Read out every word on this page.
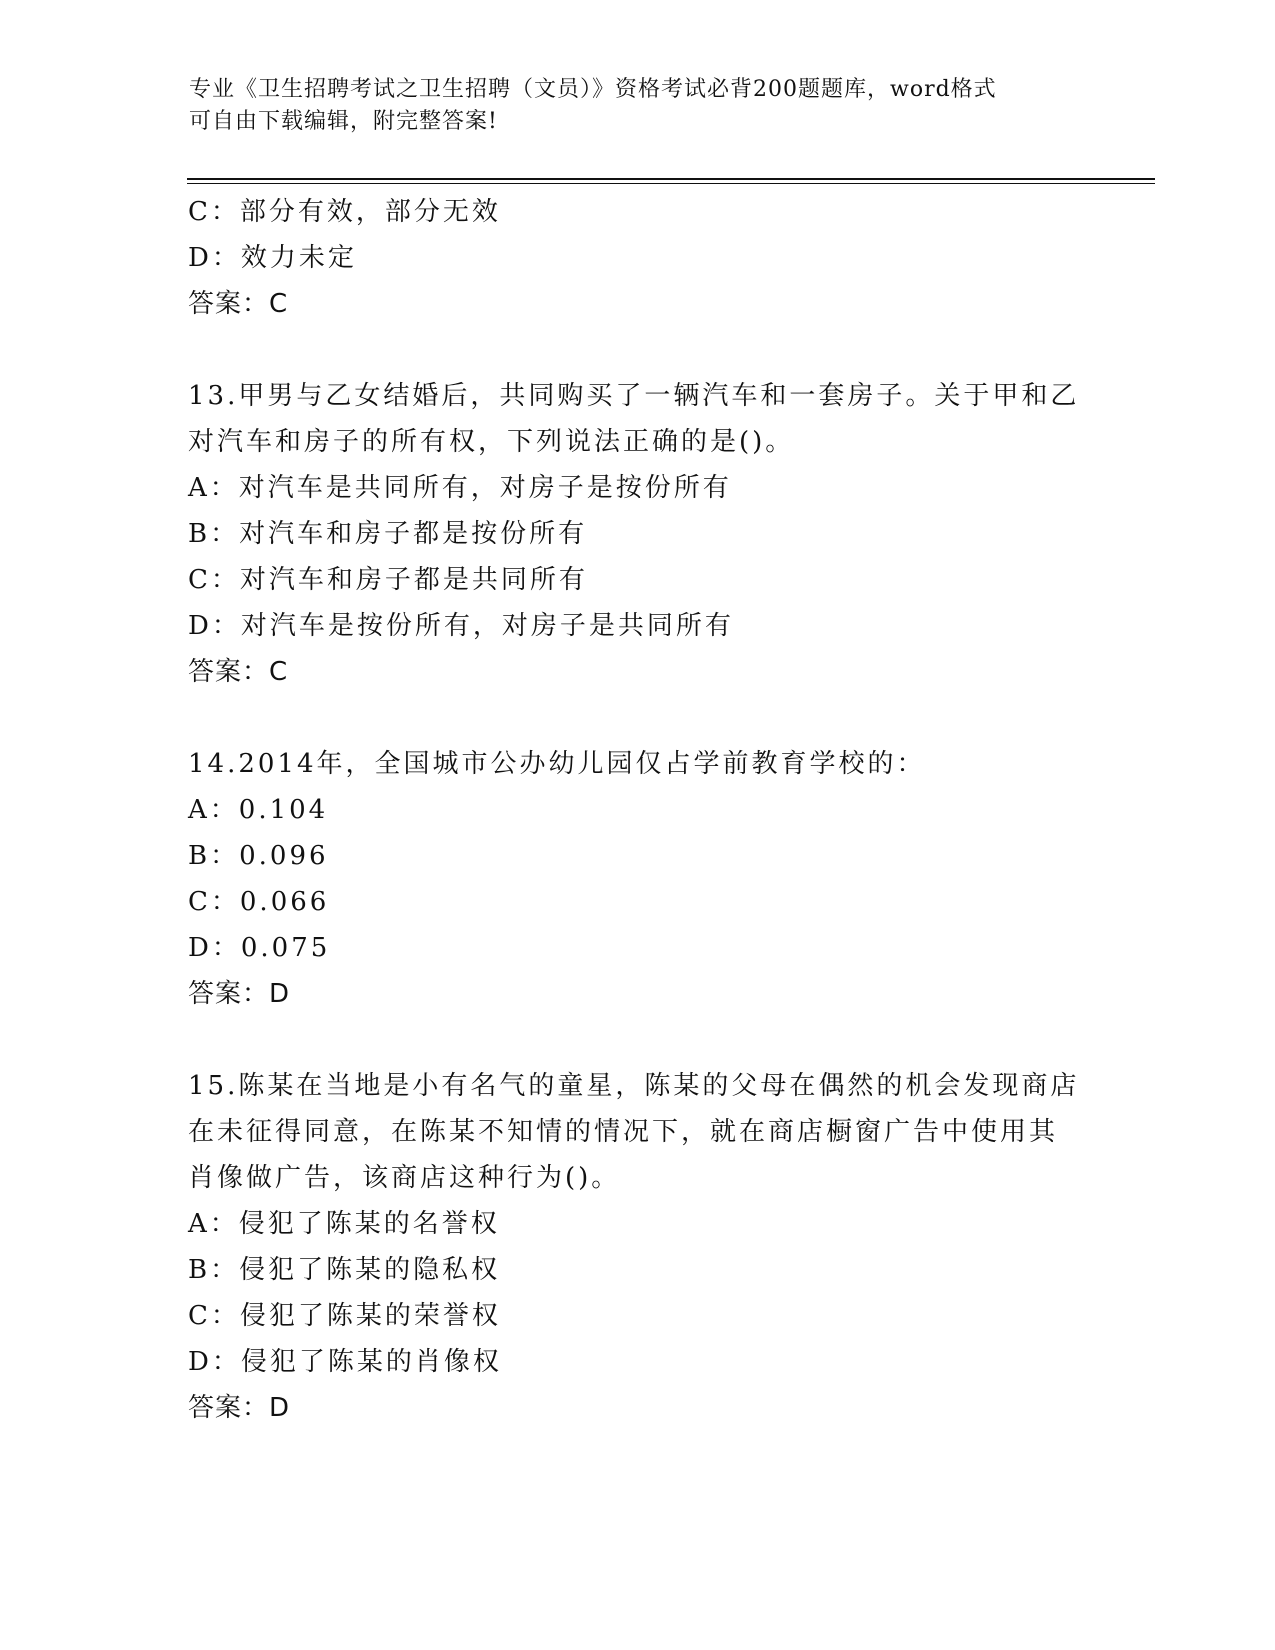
专业《卫生招聘考试之卫生招聘（文员）》资格考试必背200题题库，word格式
可自由下载编辑，附完整答案!
C：部分有效，部分无效
D：效力未定
答案：C
13.甲男与乙女结婚后，共同购买了一辆汽车和一套房子。关于甲和乙
对汽车和房子的所有权，下列说法正确的是()。
A：对汽车是共同所有，对房子是按份所有
B：对汽车和房子都是按份所有
C：对汽车和房子都是共同所有
D：对汽车是按份所有，对房子是共同所有
答案：C
14.2014年，全国城市公办幼儿园仅占学前教育学校的：
A：0.104
B：0.096
C：0.066
D：0.075
答案：D
15.陈某在当地是小有名气的童星，陈某的父母在偶然的机会发现商店
在未征得同意，在陈某不知情的情况下，就在商店橱窗广告中使用其
肖像做广告，该商店这种行为()。
A：侵犯了陈某的名誉权
B：侵犯了陈某的隐私权
C：侵犯了陈某的荣誉权
D：侵犯了陈某的肖像权
答案：D
